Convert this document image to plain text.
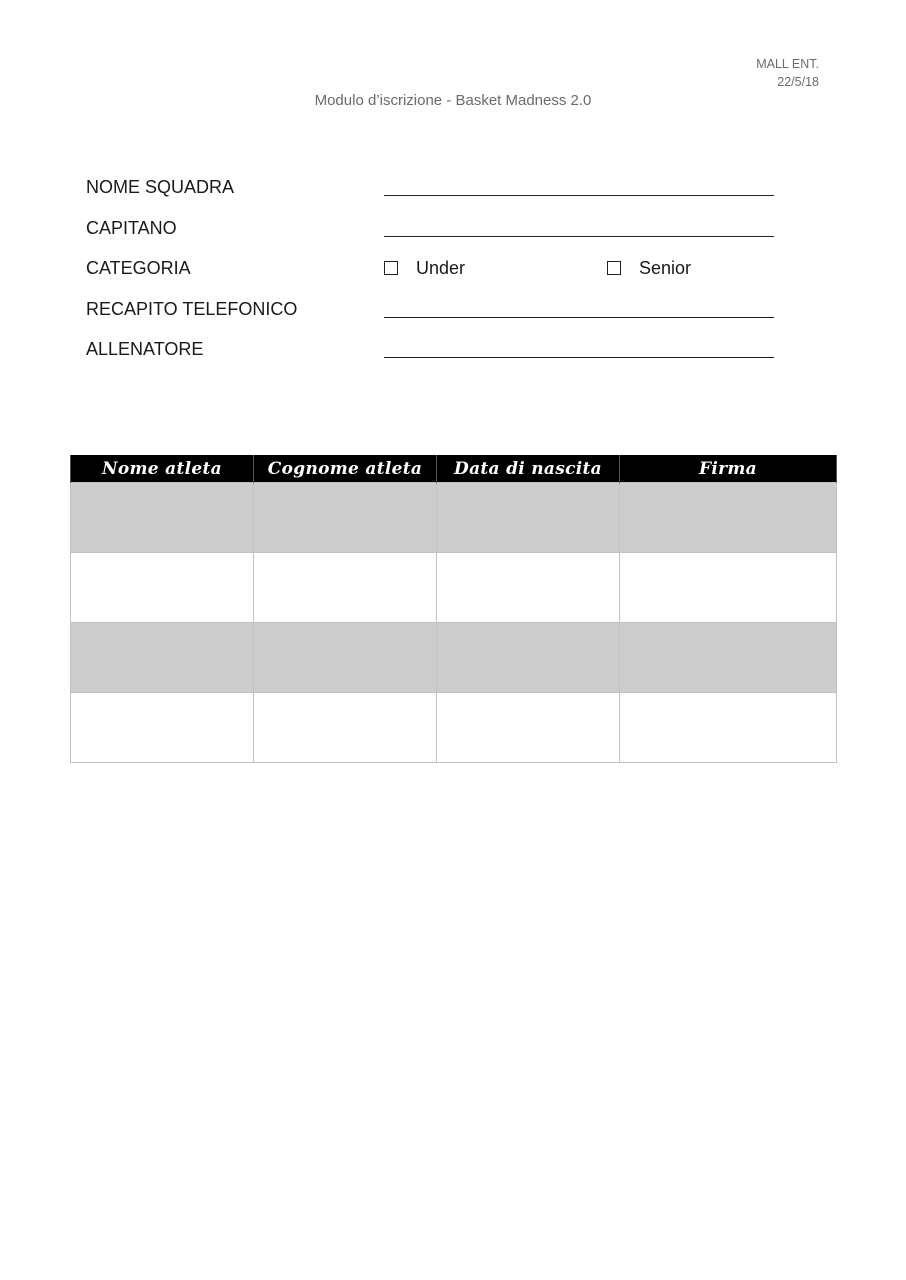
MALL ENT.
22/5/18
Modulo d’iscrizione - Basket Madness 2.0
NOME SQUADRA
CAPITANO
CATEGORIA	Under	Senior
RECAPITO TELEFONICO
ALLENATORE
Nome atleta	Cognome atleta	Data di nascita	Firma
